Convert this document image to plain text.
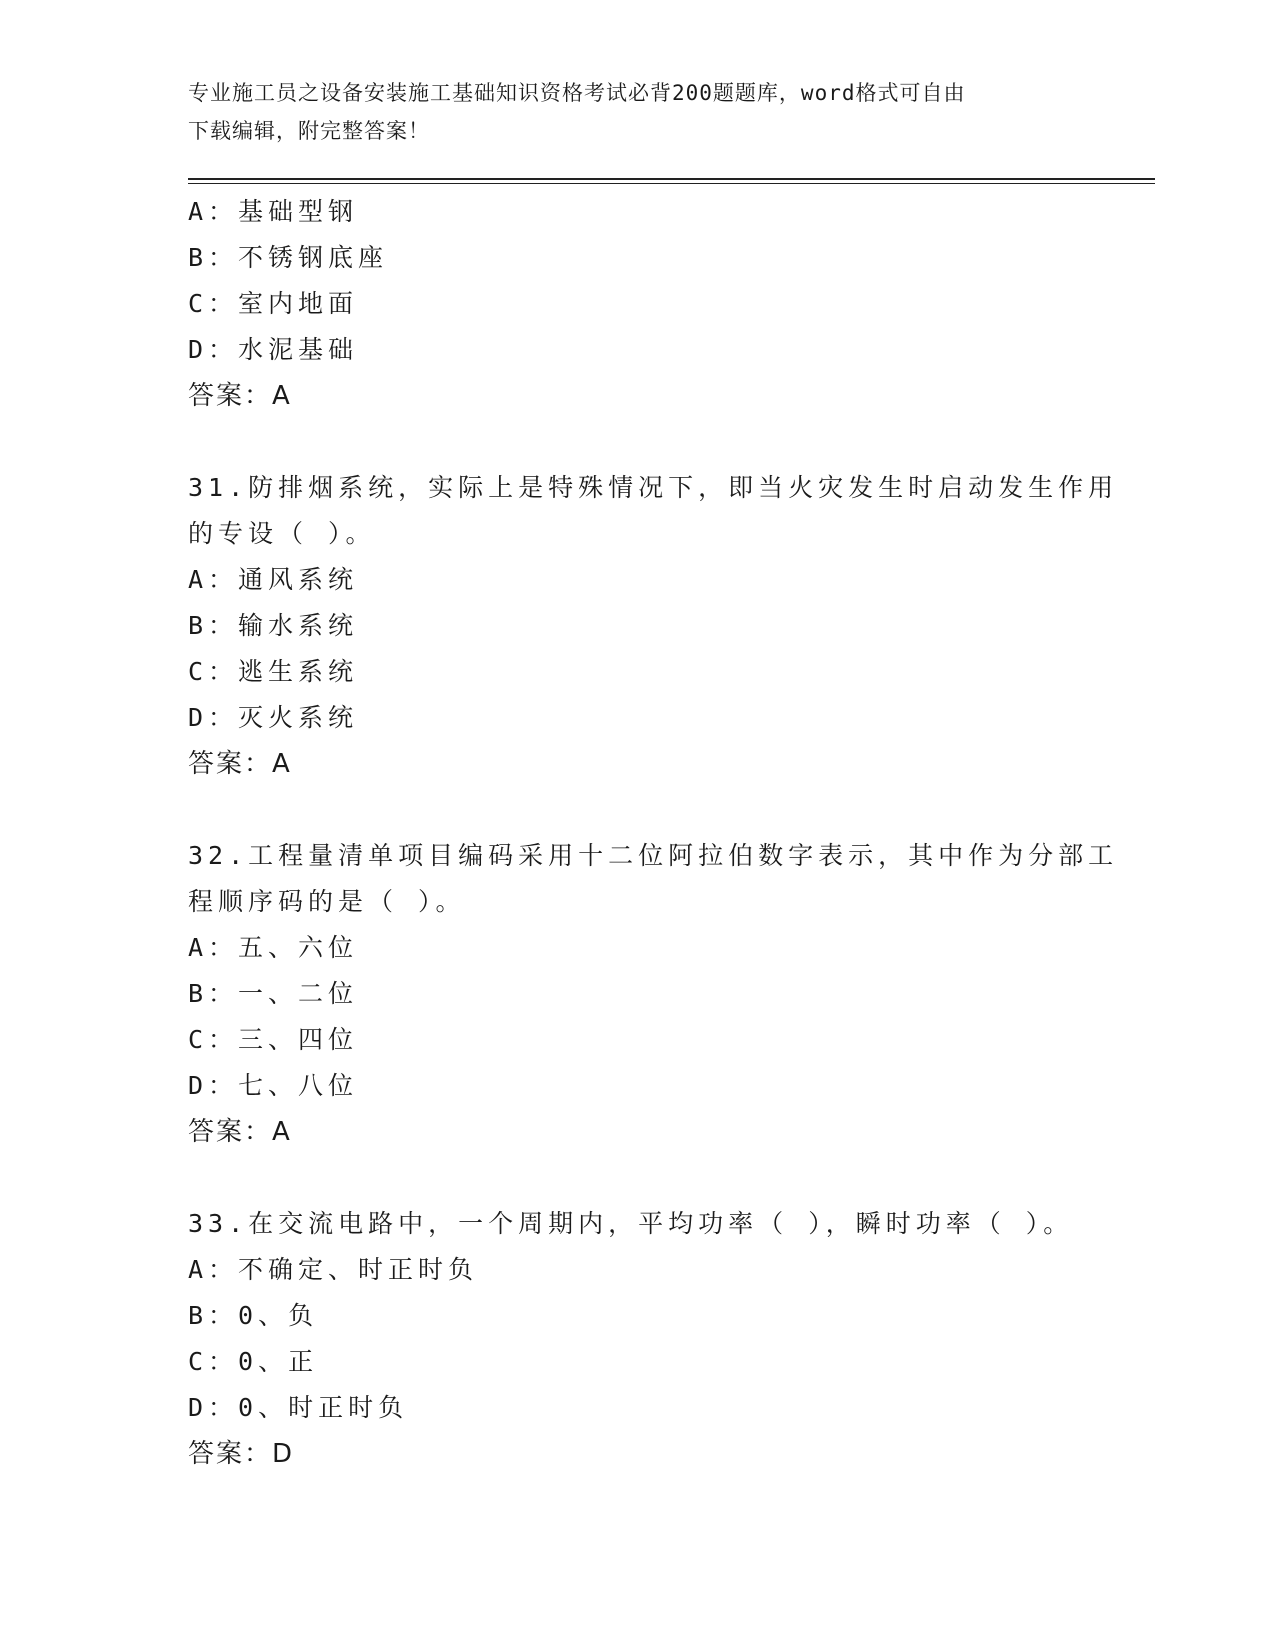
专业施工员之设备安装施工基础知识资格考试必背200题题库，word格式可自由
下载编辑，附完整答案！
A：基础型钢
B：不锈钢底座
C：室内地面
D：水泥基础
答案：A
31.防排烟系统，实际上是特殊情况下，即当火灾发生时启动发生作用
的专设（ ）。
A：通风系统
B：输水系统
C：逃生系统
D：灭火系统
答案：A
32.工程量清单项目编码采用十二位阿拉伯数字表示，其中作为分部工
程顺序码的是（ ）。
A：五、六位
B：一、二位
C：三、四位
D：七、八位
答案：A
33.在交流电路中，一个周期内，平均功率（ ），瞬时功率（ ）。
A：不确定、时正时负
B：0、负
C：0、正
D：0、时正时负
答案：D
